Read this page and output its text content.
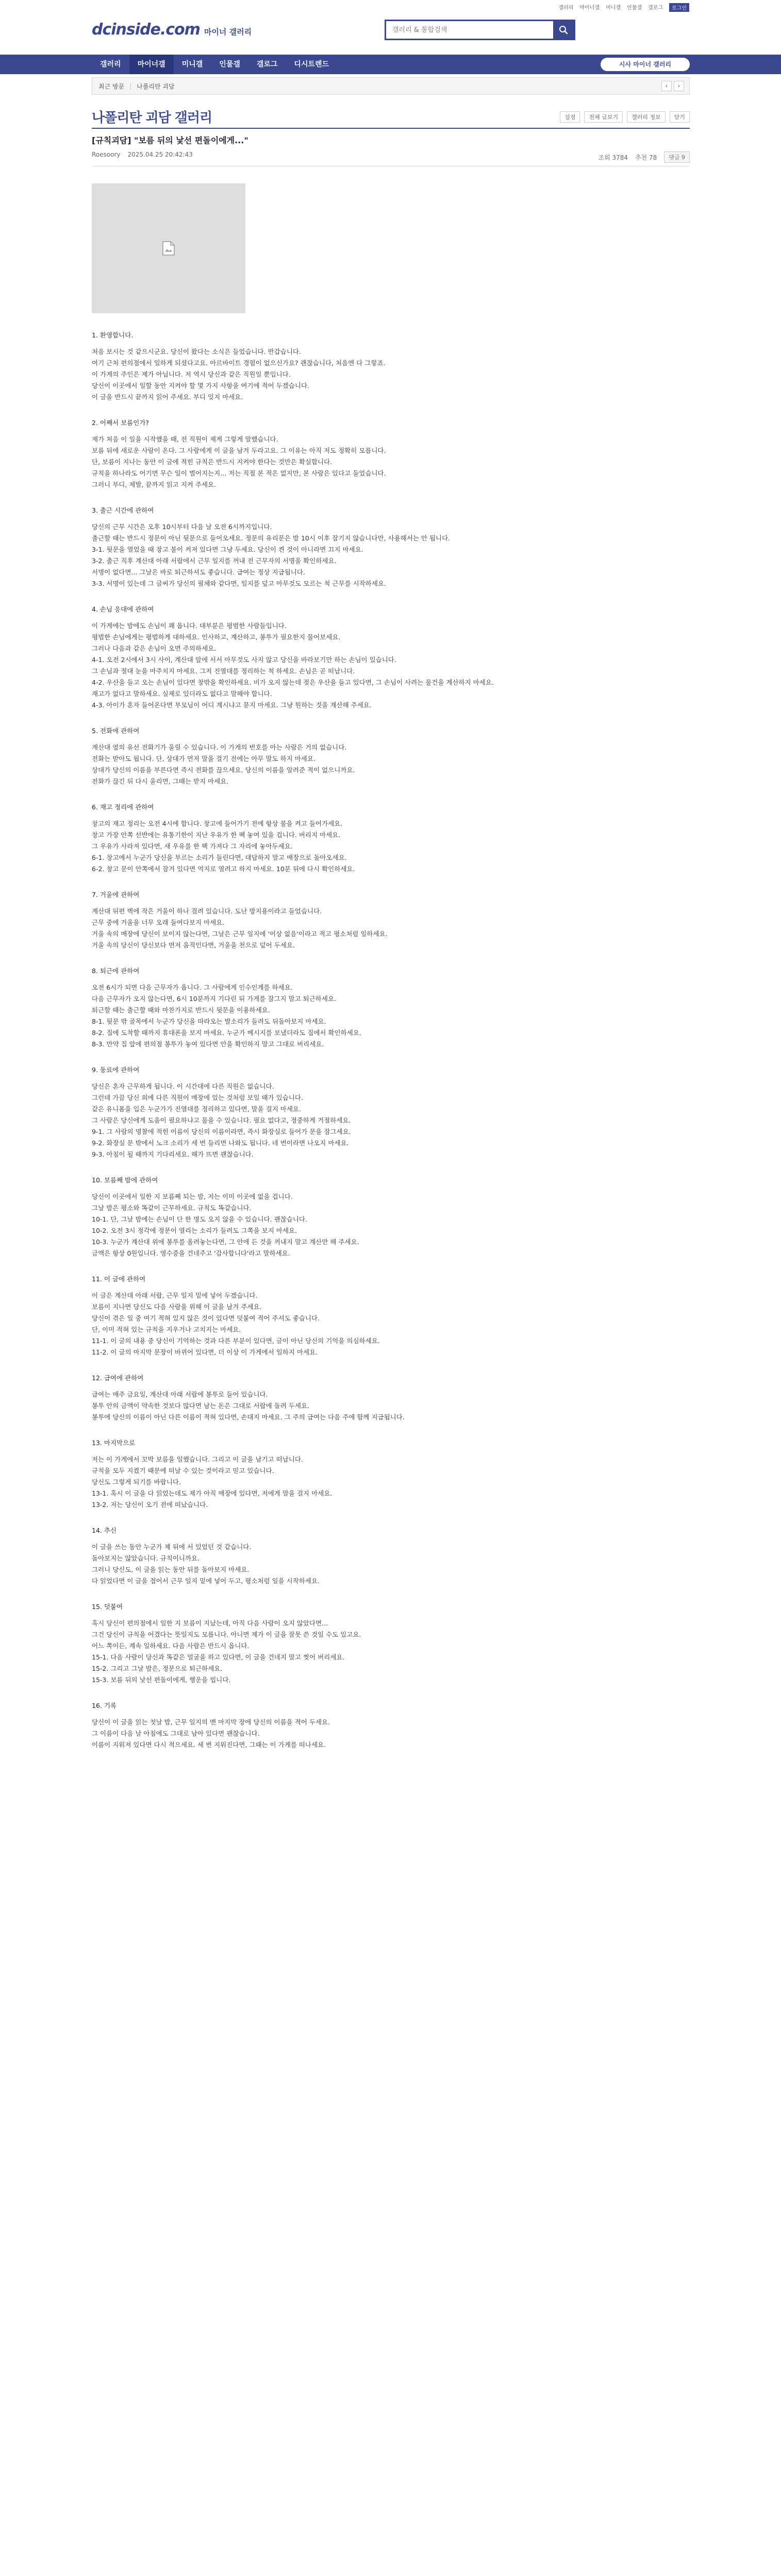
갤러리 마이너갤 미니갤 인물갤 갤로그	로그인
dcinside.com 마이너 갤러리
갤러리 & 통합검색
갤러리	마이너갤	미니갤	인물갤	갤로그	디시트렌드	시사 마이너 갤러리
최근 방문 | 나폴리탄 괴담	‹	›
나폴리탄 괴담 갤러리	설정	전체 글보기	갤러리 정보	닫기
[규칙괴담] "보름 뒤의 낯선 편돌이에게..."
Roesoory 2025.04.25 20:42:43	조회 3784 추천 78	댓글 9

1. 환영합니다.

처음 보시는 것 같으시군요. 당신이 왔다는 소식은 들었습니다. 반갑습니다.

여기 근처 편의점에서 일하게 되셨다고요. 아르바이트 경험이 없으신가요? 괜찮습니다, 처음엔 다 그렇죠.

이 가게의 주인은 제가 아닙니다. 저 역시 당신과 같은 직원일 뿐입니다.

당신이 이곳에서 일할 동안 지켜야 할 몇 가지 사항을 여기에 적어 두겠습니다.

이 글을 반드시 끝까지 읽어 주세요. 부디 잊지 마세요.

2. 어째서 보름인가?

제가 처음 이 일을 시작했을 때, 전 직원이 제게 그렇게 말했습니다.

보름 뒤에 새로운 사람이 온다. 그 사람에게 이 글을 남겨 두라고요. 그 이유는 아직 저도 정확히 모릅니다.

단, 보름이 지나는 동안 이 글에 적힌 규칙은 반드시 지켜야 한다는 것만은 확실합니다.

규칙을 하나라도 어기면 무슨 일이 벌어지는지... 저는 직접 본 적은 없지만, 본 사람은 있다고 들었습니다.

그러니 부디, 제발, 끝까지 읽고 지켜 주세요.

3. 출근 시간에 관하여

당신의 근무 시간은 오후 10시부터 다음 날 오전 6시까지입니다.

출근할 때는 반드시 정문이 아닌 뒷문으로 들어오세요. 정문의 유리문은 밤 10시 이후 잠기지 않습니다만, 사용해서는 안 됩니다.

3-1. 뒷문을 열었을 때 창고 불이 켜져 있다면 그냥 두세요. 당신이 켠 것이 아니라면 끄지 마세요.

3-2. 출근 직후 계산대 아래 서랍에서 근무 일지를 꺼내 전 근무자의 서명을 확인하세요.

서명이 없다면... 그날은 바로 퇴근하셔도 좋습니다. 급여는 정상 지급됩니다.

3-3. 서명이 있는데 그 글씨가 당신의 필체와 같다면, 일지를 덮고 아무것도 모르는 척 근무를 시작하세요.

4. 손님 응대에 관하여

이 가게에는 밤에도 손님이 꽤 옵니다. 대부분은 평범한 사람들입니다.

평범한 손님에게는 평범하게 대하세요. 인사하고, 계산하고, 봉투가 필요한지 물어보세요.

그러나 다음과 같은 손님이 오면 주의하세요.

4-1. 오전 2시에서 3시 사이, 계산대 앞에 서서 아무것도 사지 않고 당신을 바라보기만 하는 손님이 있습니다.

그 손님과 절대 눈을 마주치지 마세요. 그저 진열대를 정리하는 척 하세요. 손님은 곧 떠납니다.

4-2. 우산을 들고 오는 손님이 있다면 창밖을 확인하세요. 비가 오지 않는데 젖은 우산을 들고 있다면, 그 손님이 사려는 물건을 계산하지 마세요.

재고가 없다고 말하세요. 실제로 있더라도 없다고 말해야 합니다.

4-3. 아이가 혼자 들어온다면 부모님이 어디 계시냐고 묻지 마세요. 그냥 원하는 것을 계산해 주세요.

5. 전화에 관하여

계산대 옆의 유선 전화기가 울릴 수 있습니다. 이 가게의 번호를 아는 사람은 거의 없습니다.

전화는 받아도 됩니다. 단, 상대가 먼저 말을 걸기 전에는 아무 말도 하지 마세요.

상대가 당신의 이름을 부른다면 즉시 전화를 끊으세요. 당신의 이름을 알려준 적이 없으니까요.

전화가 끊긴 뒤 다시 울리면, 그때는 받지 마세요.

6. 재고 정리에 관하여

창고의 재고 정리는 오전 4시에 합니다. 창고에 들어가기 전에 항상 불을 켜고 들어가세요.

창고 가장 안쪽 선반에는 유통기한이 지난 우유가 한 팩 놓여 있을 겁니다. 버리지 마세요.

그 우유가 사라져 있다면, 새 우유를 한 팩 가져다 그 자리에 놓아두세요.

6-1. 창고에서 누군가 당신을 부르는 소리가 들린다면, 대답하지 말고 매장으로 돌아오세요.

6-2. 창고 문이 안쪽에서 잠겨 있다면 억지로 열려고 하지 마세요. 10분 뒤에 다시 확인하세요.

7. 거울에 관하여

계산대 뒤편 벽에 작은 거울이 하나 걸려 있습니다. 도난 방지용이라고 들었습니다.

근무 중에 거울을 너무 오래 들여다보지 마세요.

거울 속의 매장에 당신이 보이지 않는다면, 그날은 근무 일지에 '이상 없음'이라고 적고 평소처럼 일하세요.

거울 속의 당신이 당신보다 먼저 움직인다면, 거울을 천으로 덮어 두세요.

8. 퇴근에 관하여

오전 6시가 되면 다음 근무자가 옵니다. 그 사람에게 인수인계를 하세요.

다음 근무자가 오지 않는다면, 6시 10분까지 기다린 뒤 가게를 잠그지 말고 퇴근하세요.

퇴근할 때는 출근할 때와 마찬가지로 반드시 뒷문을 이용하세요.

8-1. 뒷문 밖 골목에서 누군가 당신을 따라오는 발소리가 들려도 뒤돌아보지 마세요.

8-2. 집에 도착할 때까지 휴대폰을 보지 마세요. 누군가 메시지를 보냈더라도 집에서 확인하세요.

8-3. 만약 집 앞에 편의점 봉투가 놓여 있다면 안을 확인하지 말고 그대로 버리세요.

9. 동료에 관하여

당신은 혼자 근무하게 됩니다. 이 시간대에 다른 직원은 없습니다.

그런데 가끔 당신 외에 다른 직원이 매장에 있는 것처럼 보일 때가 있습니다.

같은 유니폼을 입은 누군가가 진열대를 정리하고 있다면, 말을 걸지 마세요.

그 사람은 당신에게 도움이 필요하냐고 물을 수 있습니다. 필요 없다고, 정중하게 거절하세요.

9-1. 그 사람의 명찰에 적힌 이름이 당신의 이름이라면, 즉시 화장실로 들어가 문을 잠그세요.

9-2. 화장실 문 밖에서 노크 소리가 세 번 들리면 나와도 됩니다. 네 번이라면 나오지 마세요.

9-3. 아침이 될 때까지 기다리세요. 해가 뜨면 괜찮습니다.

10. 보름째 밤에 관하여

당신이 이곳에서 일한 지 보름째 되는 밤, 저는 이미 이곳에 없을 겁니다.

그날 밤은 평소와 똑같이 근무하세요. 규칙도 똑같습니다.

10-1. 단, 그날 밤에는 손님이 단 한 명도 오지 않을 수 있습니다. 괜찮습니다.

10-2. 오전 3시 정각에 정문이 열리는 소리가 들려도 그쪽을 보지 마세요.

10-3. 누군가 계산대 위에 봉투를 올려놓는다면, 그 안에 든 것을 꺼내지 말고 계산만 해 주세요.

금액은 항상 0원입니다. 영수증을 건네주고 '감사합니다'라고 말하세요.

11. 이 글에 관하여

이 글은 계산대 아래 서랍, 근무 일지 밑에 넣어 두겠습니다.

보름이 지나면 당신도 다음 사람을 위해 이 글을 남겨 주세요.

당신이 겪은 일 중 여기 적혀 있지 않은 것이 있다면 덧붙여 적어 주셔도 좋습니다.

단, 이미 적혀 있는 규칙을 지우거나 고치지는 마세요.

11-1. 이 글의 내용 중 당신이 기억하는 것과 다른 부분이 있다면, 글이 아닌 당신의 기억을 의심하세요.

11-2. 이 글의 마지막 문장이 바뀌어 있다면, 더 이상 이 가게에서 일하지 마세요.

12. 급여에 관하여

급여는 매주 금요일, 계산대 아래 서랍에 봉투로 들어 있습니다.

봉투 안의 금액이 약속한 것보다 많다면 남는 돈은 그대로 서랍에 돌려 두세요.

봉투에 당신의 이름이 아닌 다른 이름이 적혀 있다면, 손대지 마세요. 그 주의 급여는 다음 주에 함께 지급됩니다.

13. 마지막으로

저는 이 가게에서 꼬박 보름을 일했습니다. 그리고 이 글을 남기고 떠납니다.

규칙을 모두 지켰기 때문에 떠날 수 있는 것이라고 믿고 있습니다.

당신도 그렇게 되기를 바랍니다.

13-1. 혹시 이 글을 다 읽었는데도 제가 아직 매장에 있다면, 저에게 말을 걸지 마세요.

13-2. 저는 당신이 오기 전에 떠났습니다.

14. 추신

이 글을 쓰는 동안 누군가 제 뒤에 서 있었던 것 같습니다.

돌아보지는 않았습니다. 규칙이니까요.

그러니 당신도, 이 글을 읽는 동안 뒤를 돌아보지 마세요.

다 읽었다면 이 글을 접어서 근무 일지 밑에 넣어 두고, 평소처럼 일을 시작하세요.

15. 덧붙여

혹시 당신이 편의점에서 일한 지 보름이 지났는데, 아직 다음 사람이 오지 않았다면...

그건 당신이 규칙을 어겼다는 뜻일지도 모릅니다. 아니면 제가 이 글을 잘못 쓴 것일 수도 있고요.

어느 쪽이든, 계속 일하세요. 다음 사람은 반드시 옵니다.

15-1. 다음 사람이 당신과 똑같은 얼굴을 하고 있다면, 이 글을 건네지 말고 찢어 버리세요.

15-2. 그리고 그날 밤은, 정문으로 퇴근하세요.

15-3. 보름 뒤의 낯선 편돌이에게, 행운을 빕니다.

16. 기록

당신이 이 글을 읽는 첫날 밤, 근무 일지의 맨 마지막 장에 당신의 이름을 적어 두세요.

그 이름이 다음 날 아침에도 그대로 남아 있다면 괜찮습니다.

이름이 지워져 있다면 다시 적으세요. 세 번 지워진다면, 그때는 이 가게를 떠나세요.
